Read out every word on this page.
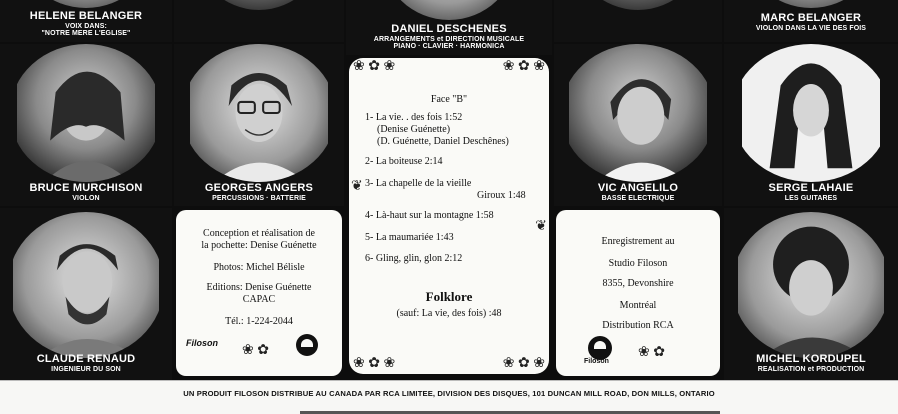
HELENE BELANGER
VOIX DANS:
"NOTRE MERE L'EGLISE"	DANIEL DESCHENES
ARRANGEMENTS et DIRECTION MUSICALE
PIANO · CLAVIER · HARMONICA
MARC BELANGER
VIOLON DANS LA VIE DES FOIS
BRUCE MURCHISON
VIOLON
GEORGES ANGERS
PERCUSSIONS · BATTERIE
VIC ANGELILO
BASSE ELECTRIQUE
SERGE LAHAIE
LES GUITARES
CLAUDE RENAUD
INGENIEUR DU SON
MICHEL KORDUPEL
REALISATION et PRODUCTION
❀ ✿ ❀	❀ ✿ ❀
❦
❦
❀ ✿ ❀	❀ ✿ ❀
Face "B"
1- La vie. . des fois 1:52
(Denise Guénette)
(D. Guénette, Daniel Deschênes)
2- La boiteuse 2:14
3- La chapelle de la vieille
Giroux 1:48
4- Là-haut sur la montagne 1:58
5- La maumariée 1:43
6- Gling, glin, glon 2:12
Folklore
(sauf: La vie, des fois) :48
Conception et réalisation de
la pochette: Denise Guénette
Photos: Michel Bélisle
Editions: Denise Guénette
CAPAC
Tél.: 1-224-2044
Filoson ❀ ✿
Enregistrement au
Studio Filoson
8355, Devonshire
Montréal
Distribution RCA
Filoson
❀ ✿
UN PRODUIT FILOSON DISTRIBUE AU CANADA PAR RCA LIMITEE, DIVISION DES DISQUES, 101 DUNCAN MILL ROAD, DON MILLS, ONTARIO
